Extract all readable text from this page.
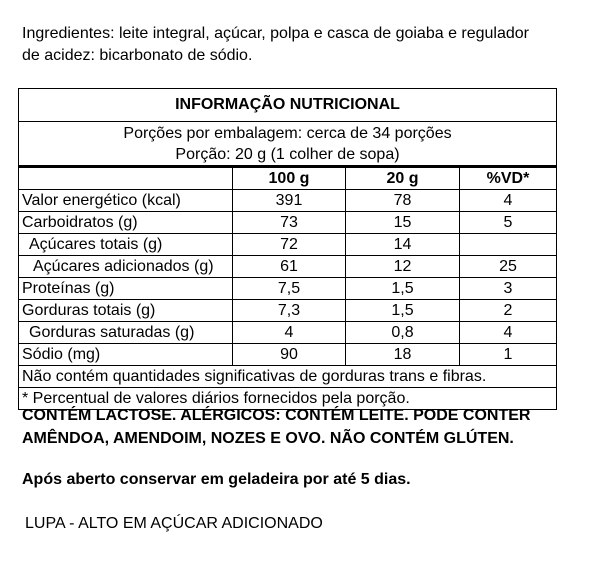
Ingredientes: leite integral, açúcar, polpa e casca de goiaba e regulador
de acidez: bicarbonato de sódio.
INFORMAÇÃO NUTRICIONAL			

Porções por embalagem: cerca de 34 porções
Porção: 20 g (1 colher de sopa)			

	100 g	20 g	%VD*
Valor energético (kcal)	391	78	4
Carboidratos (g)	73	15	5
Açúcares totais (g)	72	14	
Açúcares adicionados (g)	61	12	25
Proteínas (g)	7,5	1,5	3
Gorduras totais (g)	7,3	1,5	2
Gorduras saturadas (g)	4	0,8	4
Sódio (mg)	90	18	1
Não contém quantidades significativas de gorduras trans e fibras.			
* Percentual de valores diários fornecidos pela porção.			
CONTÉM LACTOSE. ALÉRGICOS: CONTÉM LEITE. PODE CONTER
AMÊNDOA, AMENDOIM, NOZES E OVO. NÃO CONTÉM GLÚTEN.
Após aberto conservar em geladeira por até 5 dias.
LUPA - ALTO EM AÇÚCAR ADICIONADO
